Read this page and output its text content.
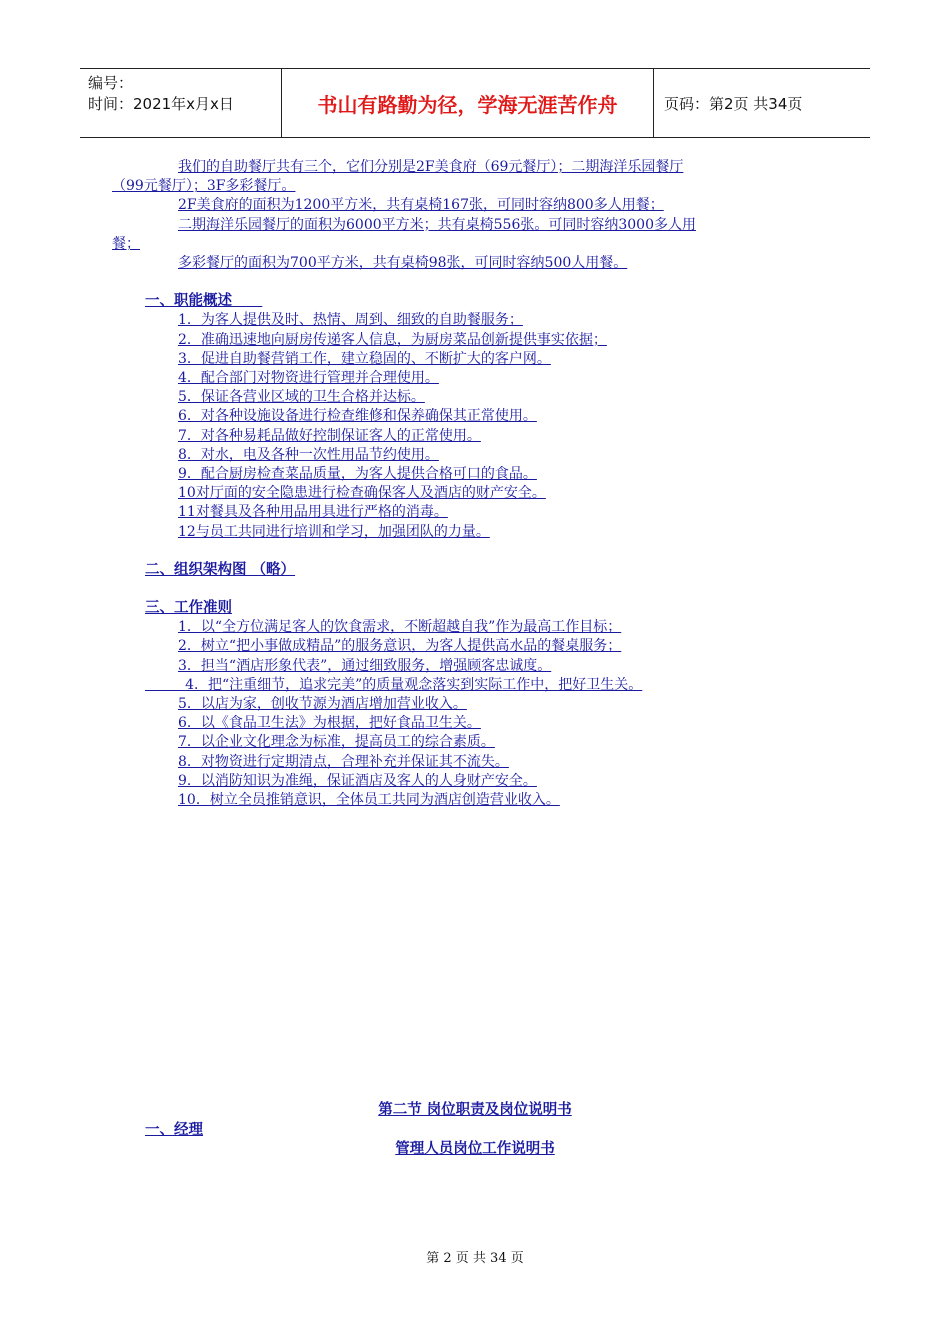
编号：
时间：2021年x月x日	书山有路勤为径，学海无涯苦作舟	页码：第2页 共34页

我们的自助餐厅共有三个，它们分别是2F美食府（69元餐厅）；二期海洋乐园餐厅
（99元餐厅）；3F多彩餐厅。

2F美食府的面积为1200平方米，共有桌椅167张，可同时容纳800多人用餐；

二期海洋乐园餐厅的面积为6000平方米；共有桌椅556张。可同时容纳3000多人用
餐；

多彩餐厅的面积为700平方米，共有桌椅98张，可同时容纳500人用餐。

一、职能概述

1．为客人提供及时、热情、周到、细致的自助餐服务；

2．准确迅速地向厨房传递客人信息，为厨房菜品创新提供事实依据；

3．促进自助餐营销工作，建立稳固的、不断扩大的客户网。

4．配合部门对物资进行管理并合理使用。

5．保证各营业区域的卫生合格并达标。

6．对各种设施设备进行检查维修和保养确保其正常使用。

7．对各种易耗品做好控制保证客人的正常使用。

8．对水，电及各种一次性用品节约使用。

9．配合厨房检查菜品质量，为客人提供合格可口的食品。

10对厅面的安全隐患进行检查确保客人及酒店的财产安全。

11对餐具及各种用品用具进行严格的消毒。

12与员工共同进行培训和学习，加强团队的力量。

二、组织架构图 （略）

三、工作准则

1．以“全方位满足客人的饮食需求，不断超越自我”作为最高工作目标；

2．树立“把小事做成精品”的服务意识，为客人提供高水品的餐桌服务；

3．担当“酒店形象代表”，通过细致服务，增强顾客忠诚度。

4．把“注重细节，追求完美”的质量观念落实到实际工作中，把好卫生关。

5．以店为家，创收节源为酒店增加营业收入。

6．以《食品卫生法》为根据，把好食品卫生关。

7．以企业文化理念为标准，提高员工的综合素质。

8．对物资进行定期清点，合理补充并保证其不流失。

9．以消防知识为准绳，保证酒店及客人的人身财产安全。

10．树立全员推销意识，全体员工共同为酒店创造营业收入。

第二节 岗位职责及岗位说明书
一、经理
管理人员岗位工作说明书
第 2 页 共 34 页
